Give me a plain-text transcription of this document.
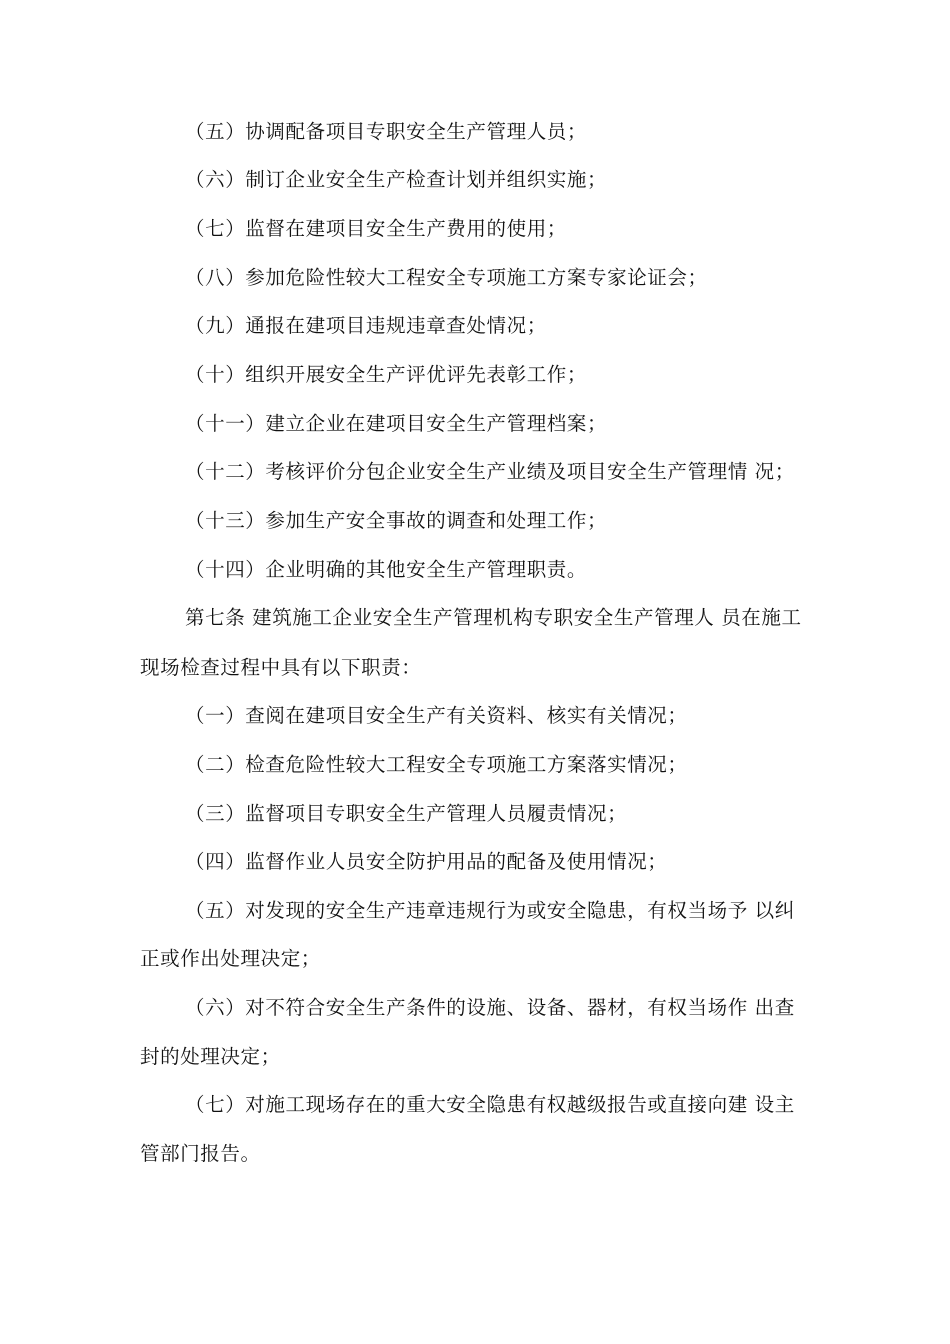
（五）协调配备项目专职安全生产管理人员；
（六）制订企业安全生产检查计划并组织实施；
（七）监督在建项目安全生产费用的使用；
（八）参加危险性较大工程安全专项施工方案专家论证会；
（九）通报在建项目违规违章查处情况；
（十）组织开展安全生产评优评先表彰工作；
（十一）建立企业在建项目安全生产管理档案；
（十二）考核评价分包企业安全生产业绩及项目安全生产管理情 况；
（十三）参加生产安全事故的调查和处理工作；
（十四）企业明确的其他安全生产管理职责。
第七条 建筑施工企业安全生产管理机构专职安全生产管理人 员在施工
现场检查过程中具有以下职责：
（一）查阅在建项目安全生产有关资料、核实有关情况；
（二）检查危险性较大工程安全专项施工方案落实情况；
（三）监督项目专职安全生产管理人员履责情况；
（四）监督作业人员安全防护用品的配备及使用情况；
（五）对发现的安全生产违章违规行为或安全隐患，有权当场予 以纠
正或作出处理决定；
（六）对不符合安全生产条件的设施、设备、器材，有权当场作 出查
封的处理决定；
（七）对施工现场存在的重大安全隐患有权越级报告或直接向建 设主
管部门报告。
